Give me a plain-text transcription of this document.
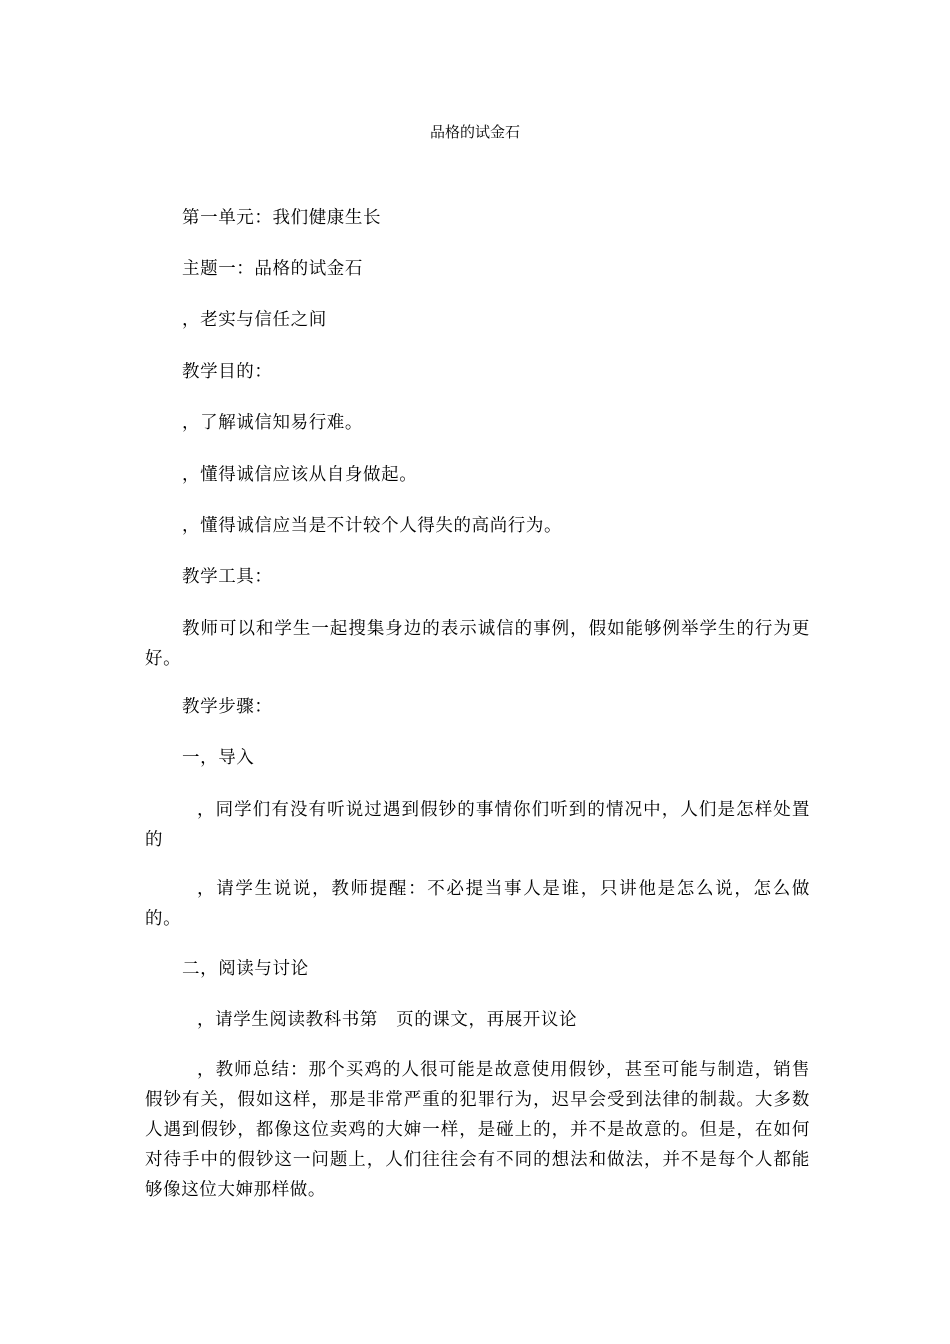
品格的试金石

第一单元：我们健康生长

主题一：品格的试金石

，老实与信任之间

教学目的：

，了解诚信知易行难。

，懂得诚信应该从自身做起。

，懂得诚信应当是不计较个人得失的高尚行为。

教学工具：

教师可以和学生一起搜集身边的表示诚信的事例，假如能够例举学生的行为更好。

教学步骤：

一，导入

，同学们有没有听说过遇到假钞的事情你们听到的情况中，人们是怎样处置的

，请学生说说，教师提醒：不必提当事人是谁，只讲他是怎么说，怎么做的。

二，阅读与讨论

，请学生阅读教科书第　页的课文，再展开议论

，教师总结：那个买鸡的人很可能是故意使用假钞，甚至可能与制造，销售假钞有关，假如这样，那是非常严重的犯罪行为，迟早会受到法律的制裁。大多数人遇到假钞，都像这位卖鸡的大婶一样，是碰上的，并不是故意的。但是，在如何对待手中的假钞这一问题上，人们往往会有不同的想法和做法，并不是每个人都能够像这位大婶那样做。
